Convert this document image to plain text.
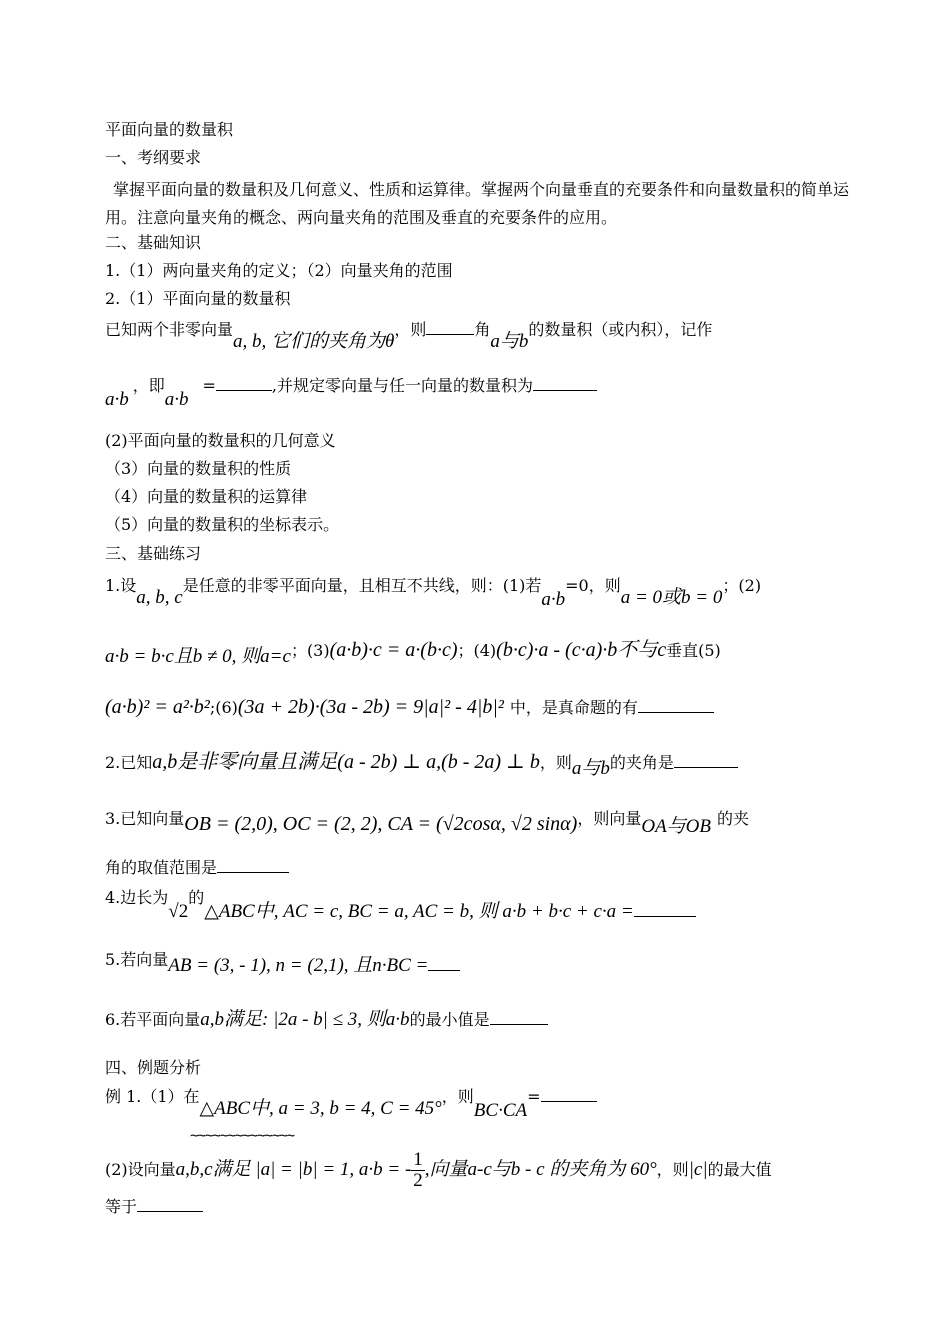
平面向量的数量积
一、考纲要求
掌握平面向量的数量积及几何意义、性质和运算律。掌握两个向量垂直的充要条件和向量数量积的简单运用。注意向量夹角的概念、两向量夹角的范围及垂直的充要条件的应用。
二、基础知识
1.（1）两向量夹角的定义；（2）向量夹角的范围
2.（1）平面向量的数量积
已知两个非零向量a, b, 它们的夹角为θ，则	角a与b的数量积（或内积），记作
a∙b，即a∙b=	,并规定零向量与任一向量的数量积为
(2)平面向量的数量积的几何意义
（3）向量的数量积的性质
（4）向量的数量积的运算律
（5）向量的数量积的坐标表示。
三、基础练习
1.设a, b, c是任意的非零平面向量，且相互不共线，则：(1)若a∙b=0，则a = 0或b = 0；(2)
a∙b = b∙c且b ≠ 0, 则a=c；(3)(a∙b)∙c = a∙(b∙c)；(4)(b∙c)∙a - (c∙a)∙b不与c垂直(5)
(a∙b)² = a²∙b²;(6)(3a + 2b)∙(3a - 2b) = 9|a|² - 4|b|² 中，是真命题的有
2.已知a,b是非零向量且满足(a - 2b) ⊥ a,(b - 2a) ⊥ b，则a与b的夹角是
3.已知向量OB = (2,0), OC = (2, 2), CA = (√2cosα, √2 sinα)，则向量OA与OB 的夹
角的取值范围是
4.边长为√2的△ABC中, AC = c, BC = a, AC = b, 则 a∙b + b∙c + c∙a =
5.若向量AB = (3, - 1), n = (2,1), 且n∙BC =
6.若平面向量a,b满足: |2a - b| ≤ 3, 则a∙b的最小值是
四、例题分析
例 1.（1）在△ABC中, a = 3, b = 4, C = 45°，则BC∙CA=
~~~~~~~~~~~~~~
(2)设向量a,b,c满足 |a| = |b| = 1, a∙b = - $\frac{1}{2}$ ,向量a-c与b - c 的夹角为 60°，则|c|的最大值
等于
